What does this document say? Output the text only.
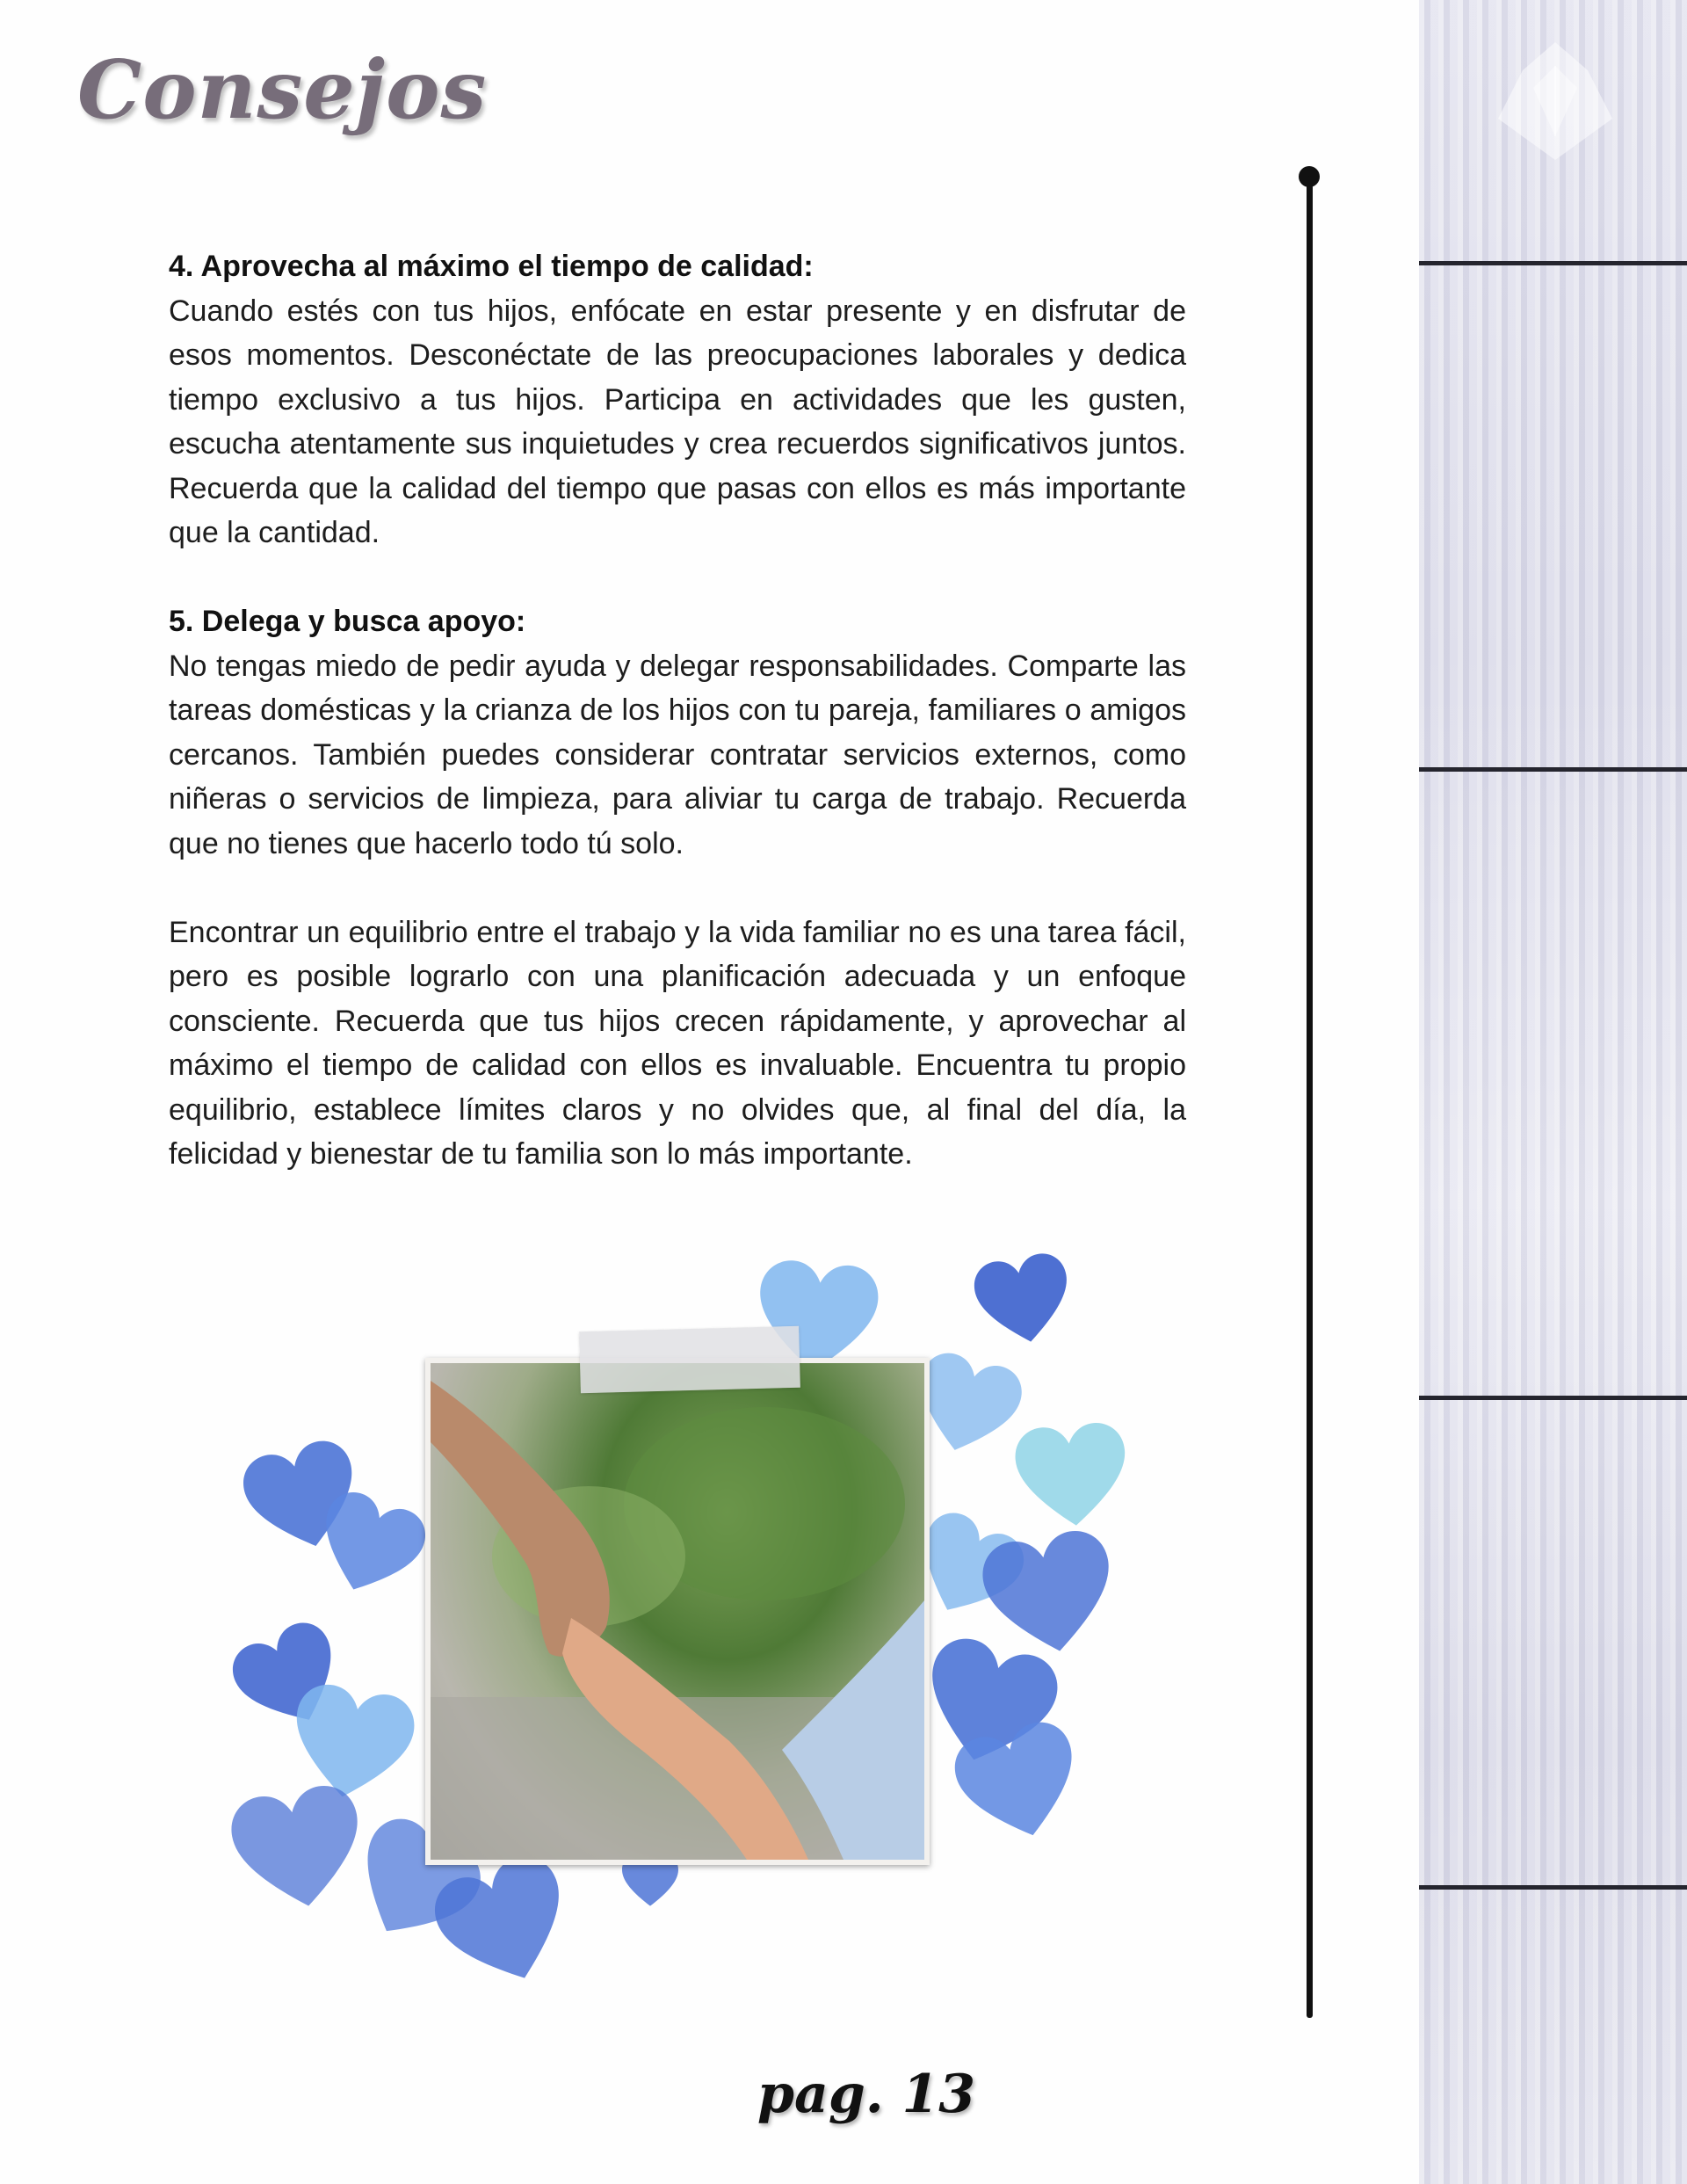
Consejos

4. Aprovecha al máximo el tiempo de calidad:

Cuando estés con tus hijos, enfócate en estar presente y en disfrutar de esos momentos. Desconéctate de las preocupaciones laborales y dedica tiempo exclusivo a tus hijos. Participa en actividades que les gusten, escucha atentamente sus inquietudes y crea recuerdos significativos juntos. Recuerda que la calidad del tiempo que pasas con ellos es más importante que la cantidad.

5. Delega y busca apoyo:

No tengas miedo de pedir ayuda y delegar responsabilidades. Comparte las tareas domésticas y la crianza de los hijos con tu pareja, familiares o amigos cercanos. También puedes considerar contratar servicios externos, como niñeras o servicios de limpieza, para aliviar tu carga de trabajo. Recuerda que no tienes que hacerlo todo tú solo.

Encontrar un equilibrio entre el trabajo y la vida familiar no es una tarea fácil, pero es posible lograrlo con una planificación adecuada y un enfoque consciente. Recuerda que tus hijos crecen rápidamente, y aprovechar al máximo el tiempo de calidad con ellos es invaluable. Encuentra tu propio equilibrio, establece límites claros y no olvides que, al final del día, la felicidad y bienestar de tu familia son lo más importante.

pag. 13
